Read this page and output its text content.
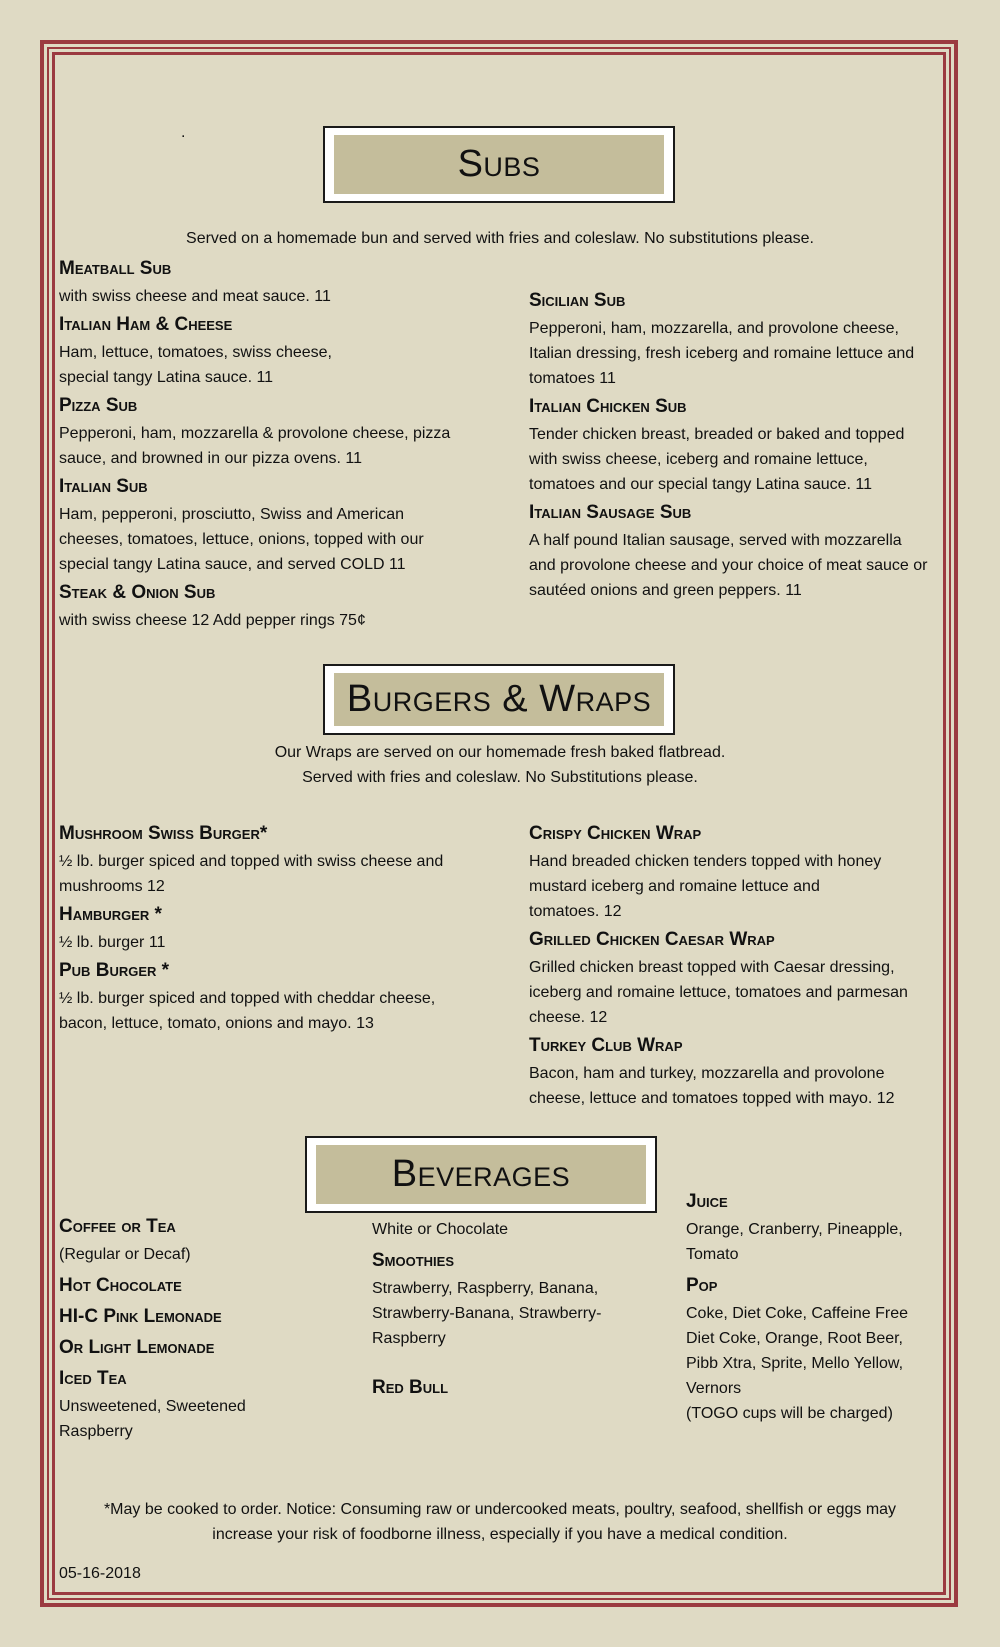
.
Subs
Served on a homemade bun and served with fries and coleslaw. No substitutions please.
Meatball Sub
with swiss cheese and meat sauce. 11
Italian Ham & Cheese
Ham, lettuce, tomatoes, swiss cheese,
special tangy Latina sauce. 11
Pizza Sub
Pepperoni, ham, mozzarella & provolone cheese, pizza
sauce, and browned in our pizza ovens. 11
Italian Sub
Ham, pepperoni, prosciutto, Swiss and American
cheeses, tomatoes, lettuce, onions, topped with our
special tangy Latina sauce, and served COLD 11
Steak & Onion Sub
with swiss cheese 12 Add pepper rings 75¢
Sicilian Sub
Pepperoni, ham, mozzarella, and provolone cheese,
Italian dressing, fresh iceberg and romaine lettuce and
tomatoes 11
Italian Chicken Sub
Tender chicken breast, breaded or baked and topped
with swiss cheese, iceberg and romaine lettuce,
tomatoes and our special tangy Latina sauce. 11
Italian Sausage Sub
A half pound Italian sausage, served with mozzarella
and provolone cheese and your choice of meat sauce or
sautéed onions and green peppers. 11
Burgers & Wraps
Our Wraps are served on our homemade fresh baked flatbread.
Served with fries and coleslaw. No Substitutions please.
Mushroom Swiss Burger*
½ lb. burger spiced and topped with swiss cheese and
mushrooms 12
Hamburger *
½ lb. burger 11
Pub Burger *
½ lb. burger spiced and topped with cheddar cheese,
bacon, lettuce, tomato, onions and mayo. 13
Crispy Chicken Wrap
Hand breaded chicken tenders topped with honey
mustard iceberg and romaine lettuce and
tomatoes. 12
Grilled Chicken Caesar Wrap
Grilled chicken breast topped with Caesar dressing,
iceberg and romaine lettuce, tomatoes and parmesan
cheese. 12
Turkey Club Wrap
Bacon, ham and turkey, mozzarella and provolone
cheese, lettuce and tomatoes topped with mayo. 12
Beverages
Coffee or Tea
(Regular or Decaf)
Hot Chocolate
HI-C Pink Lemonade
Or Light Lemonade
Iced Tea
Unsweetened, Sweetened
Raspberry
White or Chocolate
Smoothies
Strawberry, Raspberry, Banana,
Strawberry-Banana, Strawberry-
Raspberry
Red Bull
Juice
Orange, Cranberry, Pineapple,
Tomato
Pop
Coke, Diet Coke, Caffeine Free
Diet Coke, Orange, Root Beer,
Pibb Xtra, Sprite, Mello Yellow,
Vernors
(TOGO cups will be charged)
*May be cooked to order. Notice: Consuming raw or undercooked meats, poultry, seafood, shellfish or eggs may
increase your risk of foodborne illness, especially if you have a medical condition.
05-16-2018
